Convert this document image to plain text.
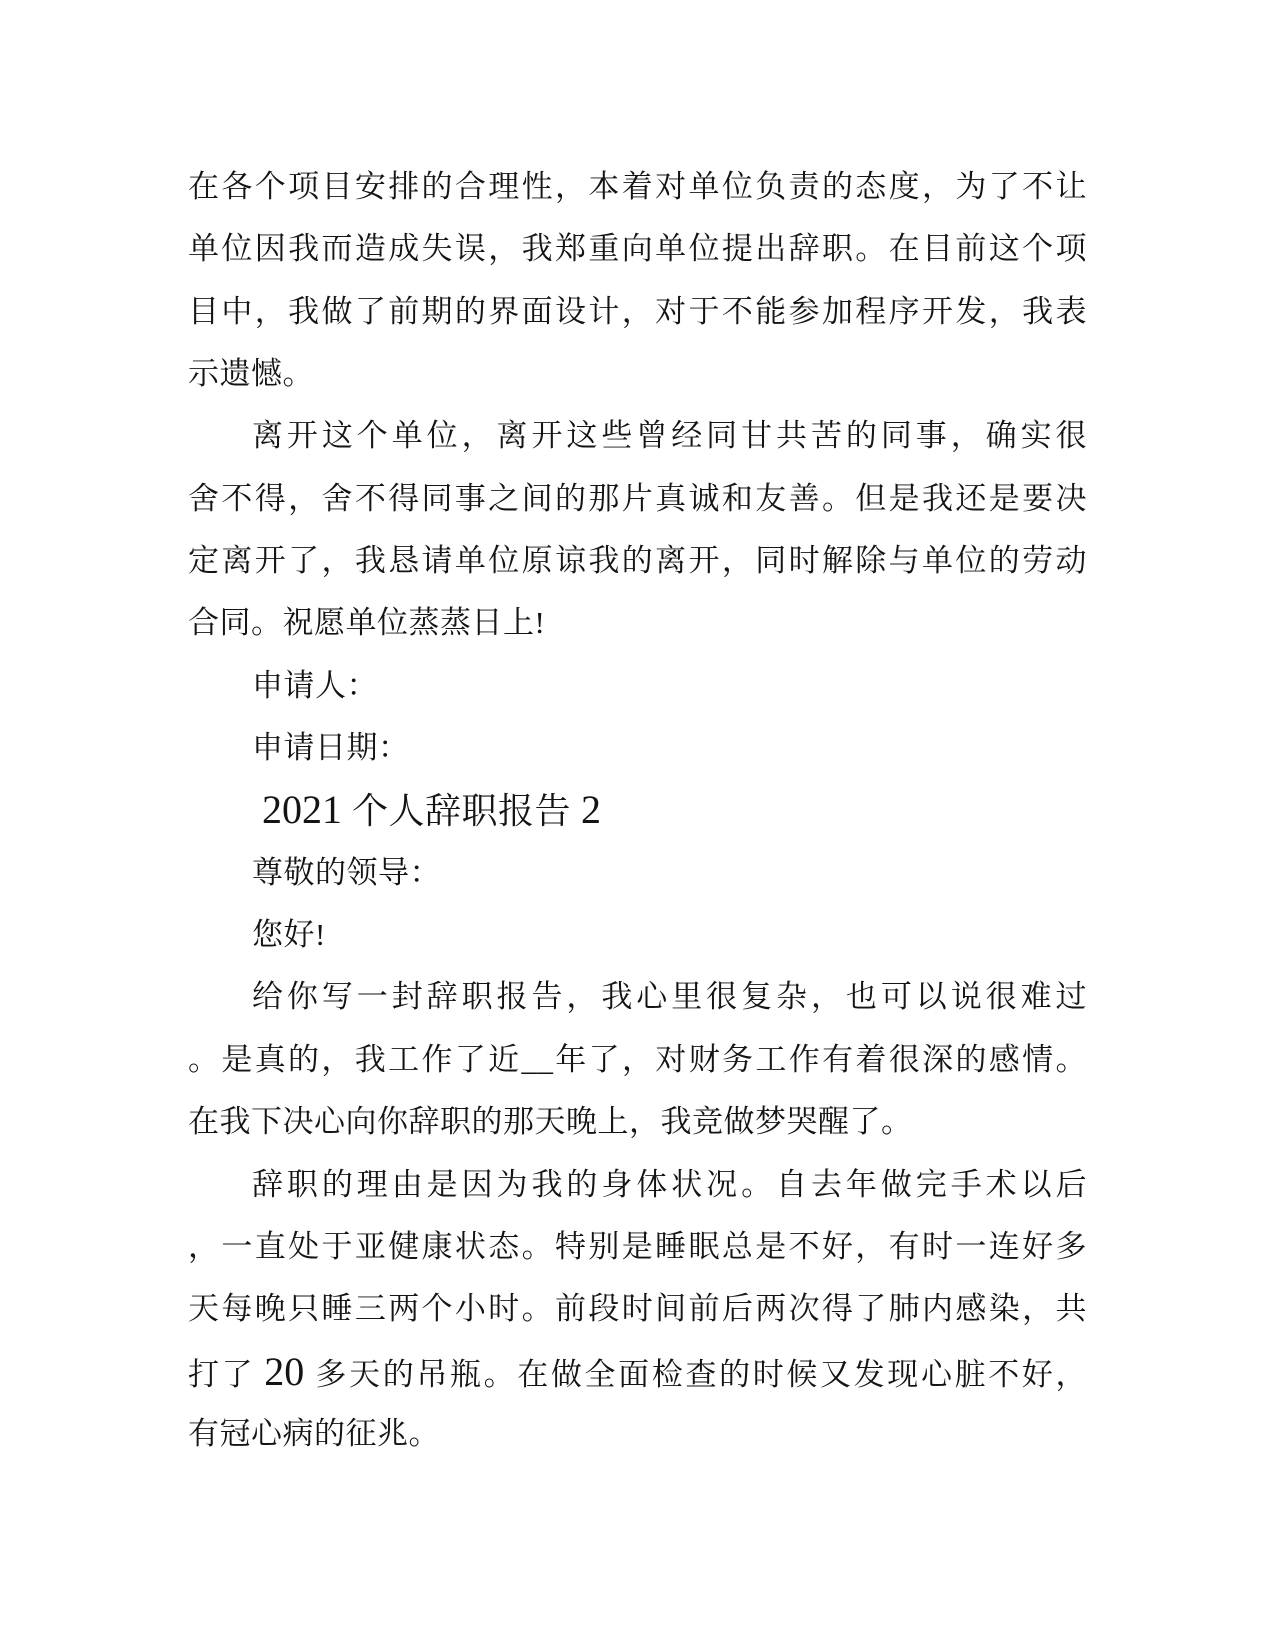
在各个项目安排的合理性，本着对单位负责的态度，为了不让
单位因我而造成失误，我郑重向单位提出辞职。在目前这个项
目中，我做了前期的界面设计，对于不能参加程序开发，我表
示遗憾。
离开这个单位，离开这些曾经同甘共苦的同事，确实很
舍不得，舍不得同事之间的那片真诚和友善。但是我还是要决
定离开了，我恳请单位原谅我的离开，同时解除与单位的劳动
合同。祝愿单位蒸蒸日上!
申请人：
申请日期：
2021 个人辞职报告 2
尊敬的领导：
您好!
给你写一封辞职报告，我心里很复杂，也可以说很难过
。是真的，我工作了近__年了，对财务工作有着很深的感情。
在我下决心向你辞职的那天晚上，我竞做梦哭醒了。
辞职的理由是因为我的身体状况。自去年做完手术以后
，一直处于亚健康状态。特别是睡眠总是不好，有时一连好多
天每晚只睡三两个小时。前段时间前后两次得了肺内感染，共
打了 20 多天的吊瓶。在做全面检查的时候又发现心脏不好，
有冠心病的征兆。
